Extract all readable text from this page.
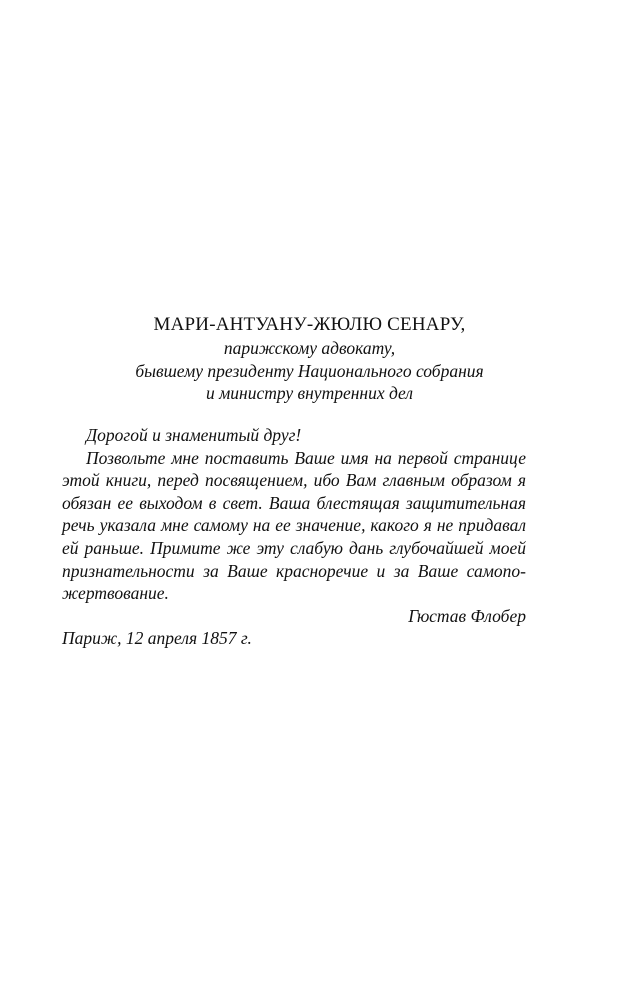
МАРИ-АНТУАНУ-ЖЮЛЮ СЕНАРУ,
парижскому адвокату,
бывшему президенту Национального собрания
и министру внутренних дел
Дорогой и знаменитый друг!
Позвольте мне поставить Ваше имя на первой странице
этой книги, перед посвящением, ибо Вам главным образом я
обязан ее выходом в свет. Ваша блестящая защитительная
речь указала мне самому на ее значение, какого я не придавал
ей раньше. Примите же эту слабую дань глубочайшей моей
признательности за Ваше красноречие и за Ваше самопо-
жертвование.
Гюстав Флобер
Париж, 12 апреля 1857 г.
